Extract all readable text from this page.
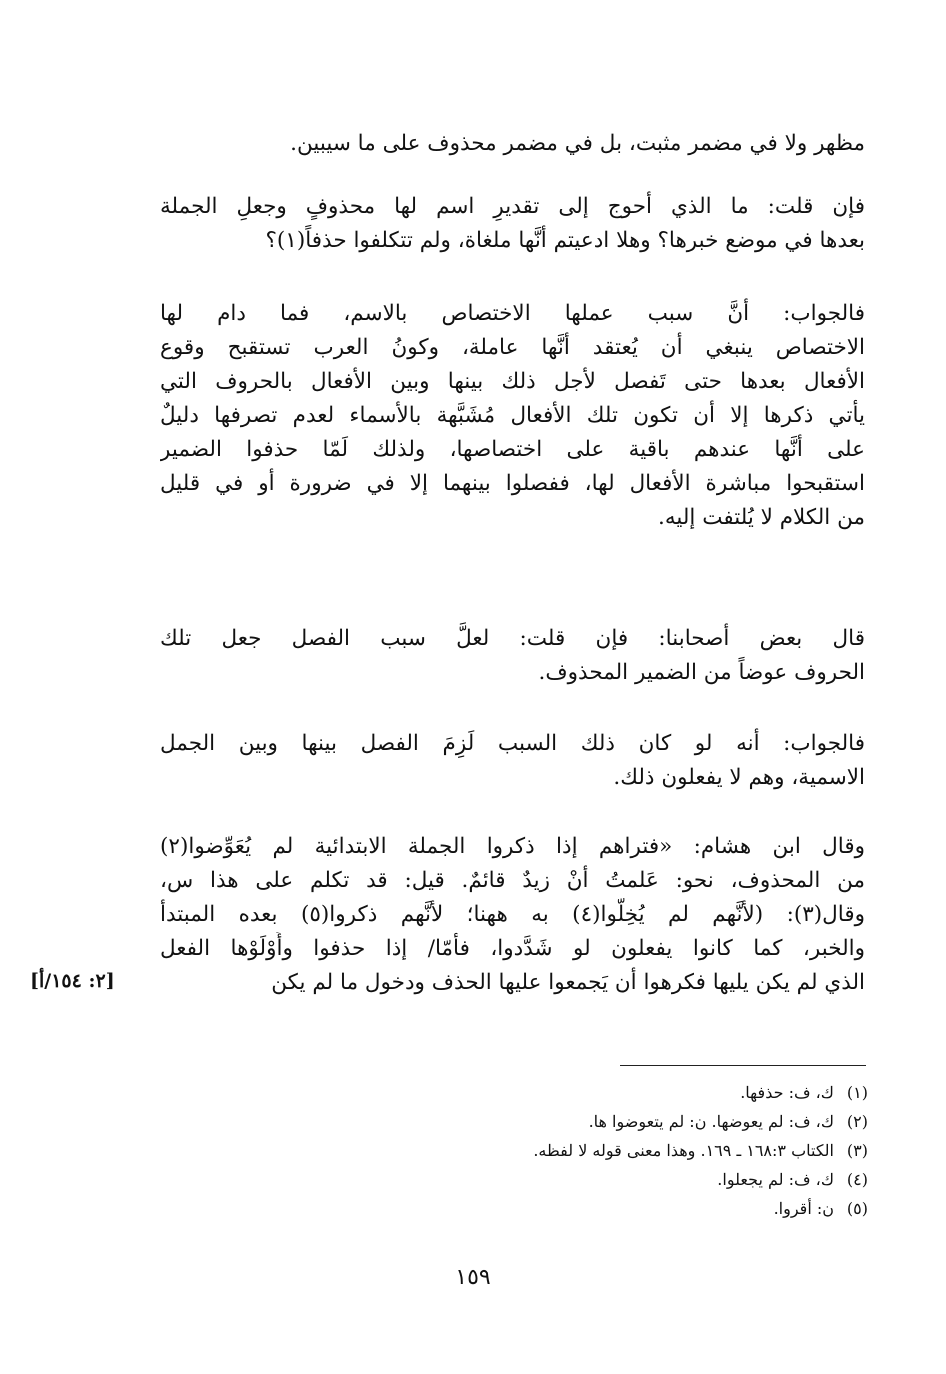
مظهر ولا في مضمر مثبت، بل في مضمر محذوف على ما سيبين.
فإن قلت: ما الذي أحوج إلى تقديرِ اسم لها محذوفٍ وجعلِ الجملة
بعدها في موضع خبرها؟ وهلا ادعيتم أنَّها ملغاة، ولم تتكلفوا حذفاً(١)؟
فالجواب: أنَّ سبب عملها الاختصاص بالاسم، فما دام لها
الاختصاص ينبغي أن يُعتقد أنَّها عاملة، وكونُ العرب تستقبح وقوع
الأفعال بعدها حتى تَفصل لأجل ذلك بينها وبين الأفعال بالحروف التي
يأتي ذكرها إلا أن تكون تلك الأفعال مُشَبَّهة بالأسماء لعدم تصرفها دليلٌ
على أنَّها عندهم باقية على اختصاصها، ولذلك لَمّا حذفوا الضمير
استقبحوا مباشرة الأفعال لها، ففصلوا بينهما إلا في ضرورة أو في قليل
من الكلام لا يُلتفت إليه.
قال بعض أصحابنا: فإن قلت: لعلَّ سبب الفصل جعل تلك
الحروف عوضاً من الضمير المحذوف.
فالجواب: أنه لو كان ذلك السبب لَزِمَ الفصل بينها وبين الجمل
الاسمية، وهم لا يفعلون ذلك.
وقال ابن هشام: «فتراهم إذا ذكروا الجملة الابتدائية لم يُعَوِّضوا(٢)
من المحذوف، نحو: عَلمتُ أنْ زيدٌ قائمٌ. قيل: قد تكلم على هذا س،
وقال(٣): (لأنَّهم لم يُخِلُّوا(٤) به ههنا؛ لأنَّهم ذكروا(٥) بعده المبتدأ
والخبر، كما كانوا يفعلون لو شَدَّدوا، فأمّا/ إذا حذفوا وأَوْلَوْها الفعل
الذي لم يكن يليها فكرهوا أن يَجمعوا عليها الحذف ودخول ما لم يكن
[٢: ١٥٤/أ]
(١)ك، ف: حذفها.
(٢)ك، ف: لم يعوضها. ن: لم يتعوضوا ها.
(٣)الكتاب ١٦٨:٣ ـ ١٦٩. وهذا معنى قوله لا لفظه.
(٤)ك، ف: لم يجعلوا.
(٥)ن: أقروا.
١٥٩
